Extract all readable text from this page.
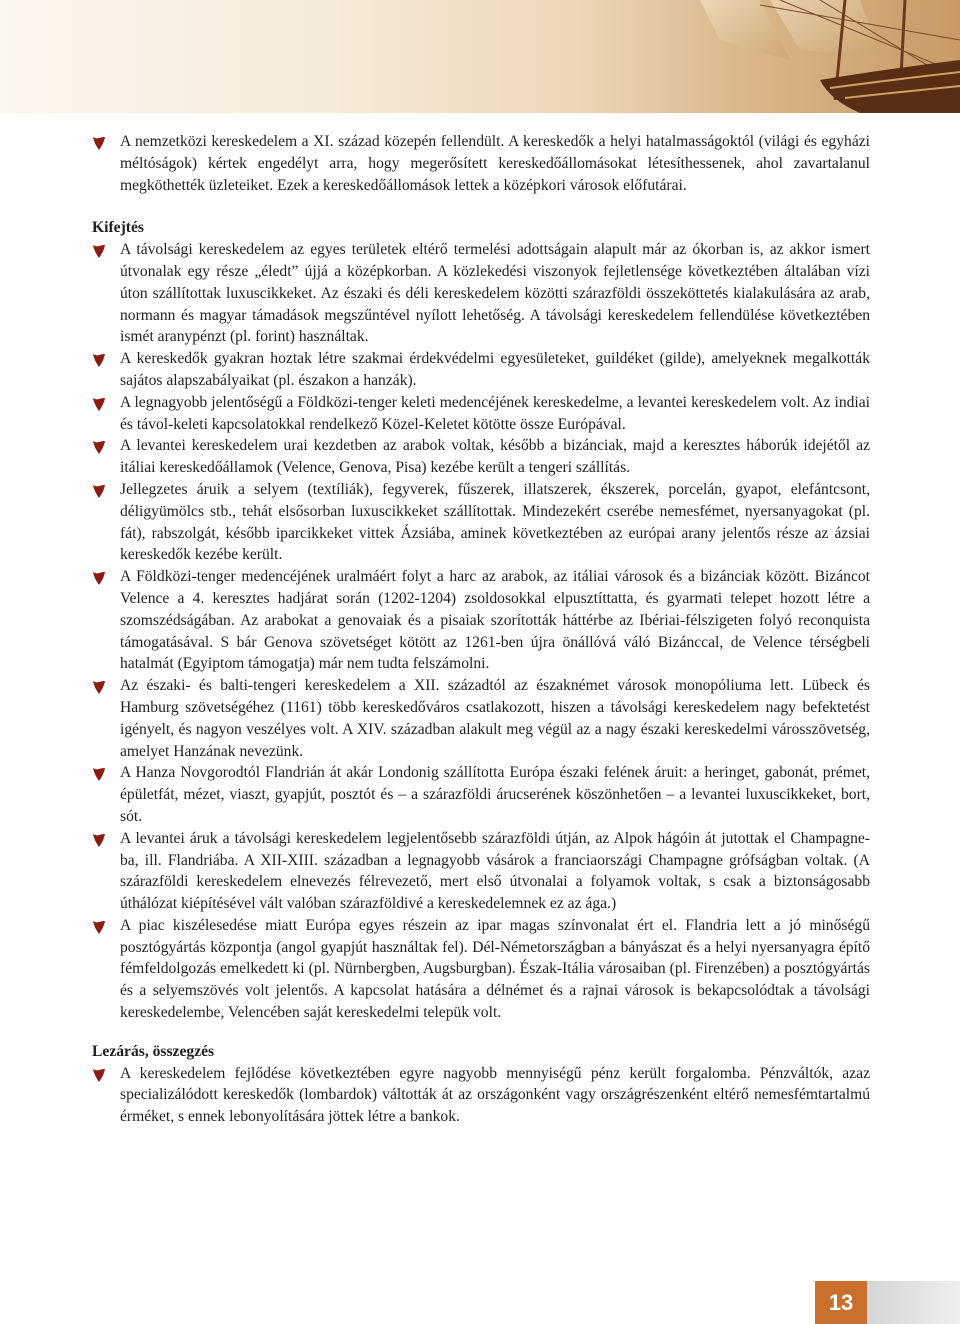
A nemzetközi kereskedelem a XI. század közepén fellendült. A kereskedők a helyi hatalmasságoktól (világi és egyházi méltóságok) kértek engedélyt arra, hogy megerősített kereskedőállomásokat létesíthessenek, ahol zavartalanul megköthették üzleteiket. Ezek a kereskedőállomások lettek a középkori városok előfutárai.
Kifejtés
A távolsági kereskedelem az egyes területek eltérő termelési adottságain alapult már az ókorban is, az akkor ismert útvonalak egy része „éledt” újjá a középkorban. A közlekedési viszonyok fejletlensége következtében általában vízi úton szállítottak luxuscikkeket. Az északi és déli kereskedelem közötti szárazföldi összeköttetés kialakulására az arab, normann és magyar támadások megszűntével nyílott lehetőség. A távolsági kereskedelem fellendülése következtében ismét aranypénzt (pl. forint) használtak.
A kereskedők gyakran hoztak létre szakmai érdekvédelmi egyesületeket, guildéket (gilde), amelyeknek megalkották sajátos alapszabályaikat (pl. északon a hanzák).
A legnagyobb jelentőségű a Földközi-tenger keleti medencéjének kereskedelme, a levantei kereskedelem volt. Az indiai és távol-keleti kapcsolatokkal rendelkező Közel-Keletet kötötte össze Európával.
A levantei kereskedelem urai kezdetben az arabok voltak, később a bizánciak, majd a keresztes háborúk idejétől az itáliai kereskedőállamok (Velence, Genova, Pisa) kezébe került a tengeri szállítás.
Jellegzetes áruik a selyem (textíliák), fegyverek, fűszerek, illatszerek, ékszerek, porcelán, gyapot, elefántcsont, déligyümölcs stb., tehát elsősorban luxuscikkeket szállítottak. Mindezekért cserébe nemesfémet, nyersanyagokat (pl. fát), rabszolgát, később iparcikkeket vittek Ázsiába, aminek következtében az európai arany jelentős része az ázsiai kereskedők kezébe került.
A Földközi-tenger medencéjének uralmáért folyt a harc az arabok, az itáliai városok és a bizánciak között. Bizáncot Velence a 4. keresztes hadjárat során (1202-1204) zsoldosokkal elpusztíttatta, és gyarmati telepet hozott létre a szomszédságában. Az arabokat a genovaiak és a pisaiak szorították háttérbe az Ibériai-félszigeten folyó reconquista támogatásával. S bár Genova szövetséget kötött az 1261-ben újra önállóvá váló Bizánccal, de Velence térségbeli hatalmát (Egyiptom támogatja) már nem tudta felszámolni.
Az északi- és balti-tengeri kereskedelem a XII. századtól az északnémet városok monopóliuma lett. Lübeck és Hamburg szövetségéhez (1161) több kereskedőváros csatlakozott, hiszen a távolsági kereskedelem nagy befektetést igényelt, és nagyon veszélyes volt. A XIV. században alakult meg végül az a nagy északi kereskedelmi városszövetség, amelyet Hanzának nevezünk.
A Hanza Novgorodtól Flandrián át akár Londonig szállította Európa északi felének áruit: a heringet, gabonát, prémet, épületfát, mézet, viaszt, gyapjút, posztót és – a szárazföldi árucserének köszönhetően – a levantei luxuscikkeket, bort, sót.
A levantei áruk a távolsági kereskedelem legjelentősebb szárazföldi útján, az Alpok hágóin át jutottak el Champagne-ba, ill. Flandriába. A XII-XIII. században a legnagyobb vásárok a franciaországi Champagne grófságban voltak. (A szárazföldi kereskedelem elnevezés félrevezető, mert első útvonalai a folyamok voltak, s csak a biztonságosabb úthálózat kiépítésével vált valóban szárazföldivé a kereskedelemnek ez az ága.)
A piac kiszélesedése miatt Európa egyes részein az ipar magas színvonalat ért el. Flandria lett a jó minőségű posztógyártás központja (angol gyapjút használtak fel). Dél-Németországban a bányászat és a helyi nyersanyagra építő fémfeldolgozás emelkedett ki (pl. Nürnbergben, Augsburgban). Észak-Itália városaiban (pl. Firenzében) a posztógyártás és a selyemszövés volt jelentős. A kapcsolat hatására a délnémet és a rajnai városok is bekapcsolódtak a távolsági kereskedelembe, Velencében saját kereskedelmi telepük volt.
Lezárás, összegzés
A kereskedelem fejlődése következtében egyre nagyobb mennyiségű pénz került forgalomba. Pénzváltók, azaz specializálódott kereskedők (lombardok) váltották át az országonként vagy országrészenként eltérő nemesfémtartalmú érméket, s ennek lebonyolítására jöttek létre a bankok.
13
